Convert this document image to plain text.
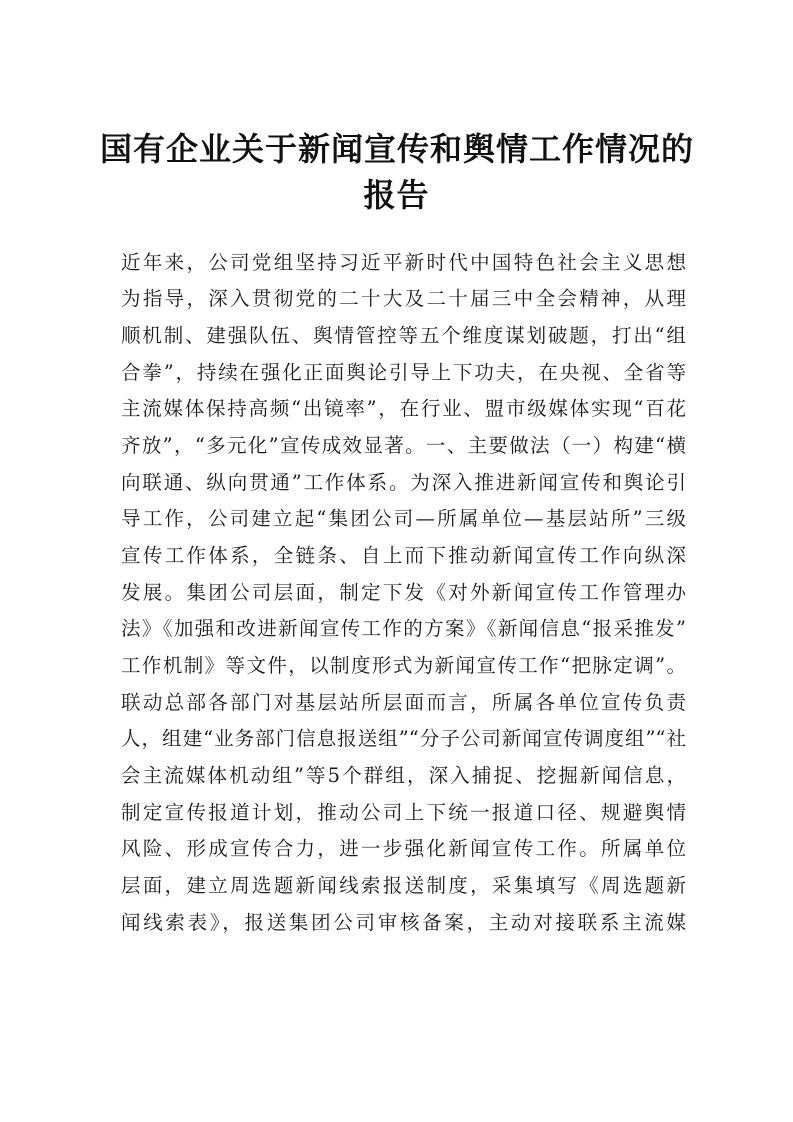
国有企业关于新闻宣传和舆情工作情况的
报告

近年来，公司党组坚持习近平新时代中国特色社会主义思想

为指导，深入贯彻党的二十大及二十届三中全会精神，从理

顺机制、建强队伍、舆情管控等五个维度谋划破题，打出“组

合拳”，持续在强化正面舆论引导上下功夫，在央视、全省等

主流媒体保持高频“出镜率”，在行业、盟市级媒体实现“百花

齐放”，“多元化”宣传成效显著。一、主要做法（一）构建“横

向联通、纵向贯通”工作体系。为深入推进新闻宣传和舆论引

导工作，公司建立起“集团公司—所属单位—基层站所”三级

宣传工作体系，全链条、自上而下推动新闻宣传工作向纵深

发展。集团公司层面，制定下发《对外新闻宣传工作管理办

法》《加强和改进新闻宣传工作的方案》《新闻信息“报采推发”

工作机制》等文件，以制度形式为新闻宣传工作“把脉定调”。

联动总部各部门对基层站所层面而言，所属各单位宣传负责

人，组建“业务部门信息报送组”“分子公司新闻宣传调度组”“社

会主流媒体机动组”等5个群组，深入捕捉、挖掘新闻信息，

制定宣传报道计划，推动公司上下统一报道口径、规避舆情

风险、形成宣传合力，进一步强化新闻宣传工作。所属单位

层面，建立周选题新闻线索报送制度，采集填写《周选题新

闻线索表》，报送集团公司审核备案，主动对接联系主流媒
